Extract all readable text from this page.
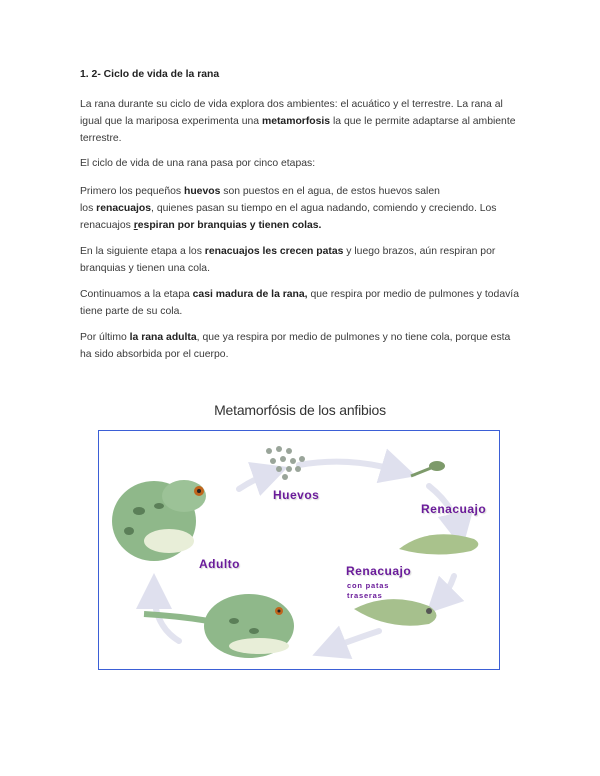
1. 2- Ciclo de vida de la rana
La rana durante su ciclo de vida explora dos ambientes: el acuático y el terrestre. La rana al igual que la mariposa experimenta una metamorfosis la que le permite adaptarse al ambiente terrestre.
El ciclo de vida de una rana pasa por cinco etapas:
Primero los pequeños huevos son puestos en el agua, de estos huevos salen
los renacuajos, quienes pasan su tiempo en el agua nadando, comiendo y creciendo. Los renacuajos respiran por branquias y tienen colas.
En la siguiente etapa a los renacuajos les crecen patas y luego brazos, aún respiran por branquias y tienen una cola.
Continuamos a la etapa casi madura de la rana, que respira por medio de pulmones y todavía tiene parte de su cola.
Por último la rana adulta, que ya respira por medio de pulmones y no tiene cola, porque esta ha sido absorbida por el cuerpo.
Metamorfósis de los anfibios
Huevos
Renacuajo
Adulto	Renacuajo
con patas
traseras
